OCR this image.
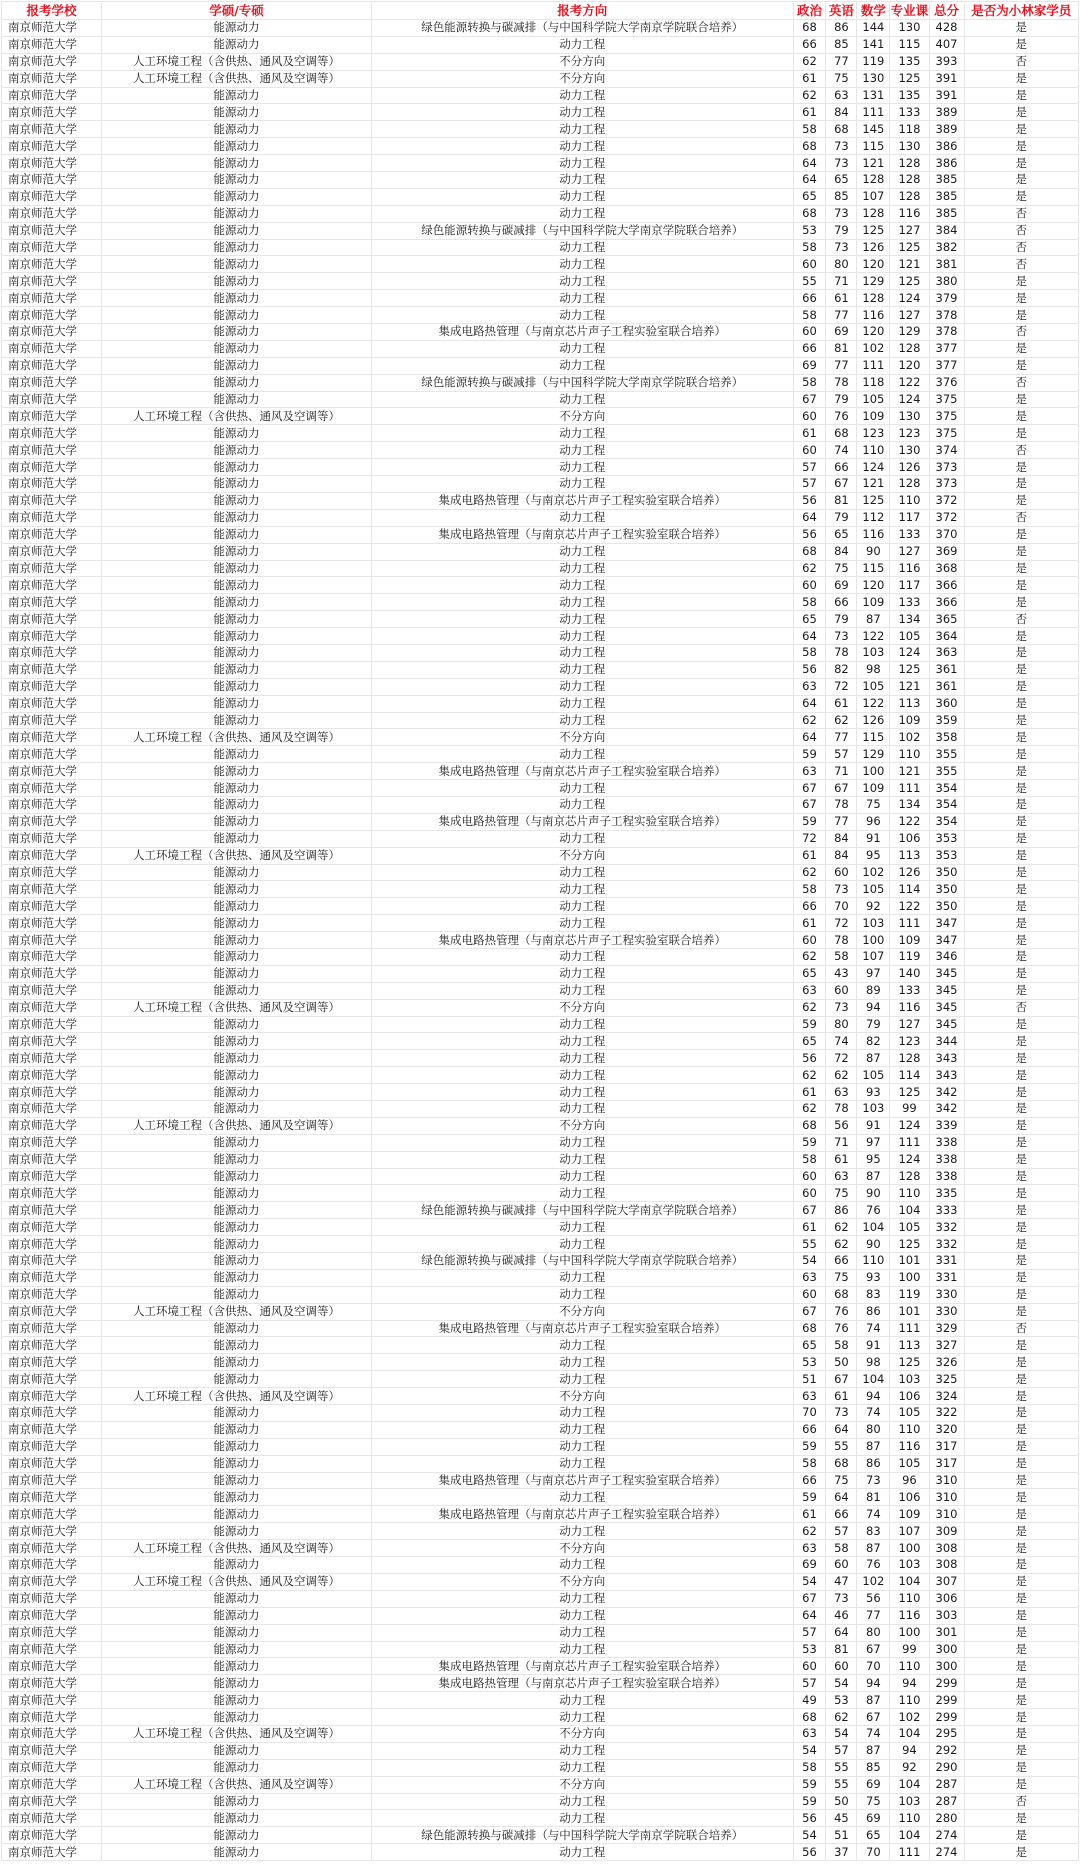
报考学校	学硕/专硕	报考方向	政治	英语	数学	专业课	总分	是否为小林家学员
南京师范大学	能源动力	绿色能源转换与碳减排（与中国科学院大学南京学院联合培养）	68	86	144	130	428	是
南京师范大学	能源动力	动力工程	66	85	141	115	407	是
南京师范大学	人工环境工程（含供热、通风及空调等）	不分方向	62	77	119	135	393	否
南京师范大学	人工环境工程（含供热、通风及空调等）	不分方向	61	75	130	125	391	是
南京师范大学	能源动力	动力工程	62	63	131	135	391	是
南京师范大学	能源动力	动力工程	61	84	111	133	389	是
南京师范大学	能源动力	动力工程	58	68	145	118	389	是
南京师范大学	能源动力	动力工程	68	73	115	130	386	是
南京师范大学	能源动力	动力工程	64	73	121	128	386	是
南京师范大学	能源动力	动力工程	64	65	128	128	385	是
南京师范大学	能源动力	动力工程	65	85	107	128	385	是
南京师范大学	能源动力	动力工程	68	73	128	116	385	否
南京师范大学	能源动力	绿色能源转换与碳减排（与中国科学院大学南京学院联合培养）	53	79	125	127	384	否
南京师范大学	能源动力	动力工程	58	73	126	125	382	否
南京师范大学	能源动力	动力工程	60	80	120	121	381	否
南京师范大学	能源动力	动力工程	55	71	129	125	380	是
南京师范大学	能源动力	动力工程	66	61	128	124	379	是
南京师范大学	能源动力	动力工程	58	77	116	127	378	是
南京师范大学	能源动力	集成电路热管理（与南京芯片声子工程实验室联合培养）	60	69	120	129	378	否
南京师范大学	能源动力	动力工程	66	81	102	128	377	是
南京师范大学	能源动力	动力工程	69	77	111	120	377	是
南京师范大学	能源动力	绿色能源转换与碳减排（与中国科学院大学南京学院联合培养）	58	78	118	122	376	否
南京师范大学	能源动力	动力工程	67	79	105	124	375	是
南京师范大学	人工环境工程（含供热、通风及空调等）	不分方向	60	76	109	130	375	是
南京师范大学	能源动力	动力工程	61	68	123	123	375	是
南京师范大学	能源动力	动力工程	60	74	110	130	374	否
南京师范大学	能源动力	动力工程	57	66	124	126	373	是
南京师范大学	能源动力	动力工程	57	67	121	128	373	是
南京师范大学	能源动力	集成电路热管理（与南京芯片声子工程实验室联合培养）	56	81	125	110	372	是
南京师范大学	能源动力	动力工程	64	79	112	117	372	否
南京师范大学	能源动力	集成电路热管理（与南京芯片声子工程实验室联合培养）	56	65	116	133	370	是
南京师范大学	能源动力	动力工程	68	84	90	127	369	是
南京师范大学	能源动力	动力工程	62	75	115	116	368	是
南京师范大学	能源动力	动力工程	60	69	120	117	366	是
南京师范大学	能源动力	动力工程	58	66	109	133	366	是
南京师范大学	能源动力	动力工程	65	79	87	134	365	否
南京师范大学	能源动力	动力工程	64	73	122	105	364	是
南京师范大学	能源动力	动力工程	58	78	103	124	363	是
南京师范大学	能源动力	动力工程	56	82	98	125	361	是
南京师范大学	能源动力	动力工程	63	72	105	121	361	是
南京师范大学	能源动力	动力工程	64	61	122	113	360	是
南京师范大学	能源动力	动力工程	62	62	126	109	359	是
南京师范大学	人工环境工程（含供热、通风及空调等）	不分方向	64	77	115	102	358	是
南京师范大学	能源动力	动力工程	59	57	129	110	355	是
南京师范大学	能源动力	集成电路热管理（与南京芯片声子工程实验室联合培养）	63	71	100	121	355	是
南京师范大学	能源动力	动力工程	67	67	109	111	354	是
南京师范大学	能源动力	动力工程	67	78	75	134	354	是
南京师范大学	能源动力	集成电路热管理（与南京芯片声子工程实验室联合培养）	59	77	96	122	354	是
南京师范大学	能源动力	动力工程	72	84	91	106	353	是
南京师范大学	人工环境工程（含供热、通风及空调等）	不分方向	61	84	95	113	353	是
南京师范大学	能源动力	动力工程	62	60	102	126	350	是
南京师范大学	能源动力	动力工程	58	73	105	114	350	是
南京师范大学	能源动力	动力工程	66	70	92	122	350	是
南京师范大学	能源动力	动力工程	61	72	103	111	347	是
南京师范大学	能源动力	集成电路热管理（与南京芯片声子工程实验室联合培养）	60	78	100	109	347	是
南京师范大学	能源动力	动力工程	62	58	107	119	346	是
南京师范大学	能源动力	动力工程	65	43	97	140	345	是
南京师范大学	能源动力	动力工程	63	60	89	133	345	是
南京师范大学	人工环境工程（含供热、通风及空调等）	不分方向	62	73	94	116	345	否
南京师范大学	能源动力	动力工程	59	80	79	127	345	是
南京师范大学	能源动力	动力工程	65	74	82	123	344	是
南京师范大学	能源动力	动力工程	56	72	87	128	343	是
南京师范大学	能源动力	动力工程	62	62	105	114	343	是
南京师范大学	能源动力	动力工程	61	63	93	125	342	是
南京师范大学	能源动力	动力工程	62	78	103	99	342	是
南京师范大学	人工环境工程（含供热、通风及空调等）	不分方向	68	56	91	124	339	是
南京师范大学	能源动力	动力工程	59	71	97	111	338	是
南京师范大学	能源动力	动力工程	58	61	95	124	338	是
南京师范大学	能源动力	动力工程	60	63	87	128	338	是
南京师范大学	能源动力	动力工程	60	75	90	110	335	是
南京师范大学	能源动力	绿色能源转换与碳减排（与中国科学院大学南京学院联合培养）	67	86	76	104	333	是
南京师范大学	能源动力	动力工程	61	62	104	105	332	是
南京师范大学	能源动力	动力工程	55	62	90	125	332	是
南京师范大学	能源动力	绿色能源转换与碳减排（与中国科学院大学南京学院联合培养）	54	66	110	101	331	是
南京师范大学	能源动力	动力工程	63	75	93	100	331	是
南京师范大学	能源动力	动力工程	60	68	83	119	330	是
南京师范大学	人工环境工程（含供热、通风及空调等）	不分方向	67	76	86	101	330	是
南京师范大学	能源动力	集成电路热管理（与南京芯片声子工程实验室联合培养）	68	76	74	111	329	否
南京师范大学	能源动力	动力工程	65	58	91	113	327	是
南京师范大学	能源动力	动力工程	53	50	98	125	326	是
南京师范大学	能源动力	动力工程	51	67	104	103	325	是
南京师范大学	人工环境工程（含供热、通风及空调等）	不分方向	63	61	94	106	324	是
南京师范大学	能源动力	动力工程	70	73	74	105	322	是
南京师范大学	能源动力	动力工程	66	64	80	110	320	是
南京师范大学	能源动力	动力工程	59	55	87	116	317	是
南京师范大学	能源动力	动力工程	58	68	86	105	317	是
南京师范大学	能源动力	集成电路热管理（与南京芯片声子工程实验室联合培养）	66	75	73	96	310	是
南京师范大学	能源动力	动力工程	59	64	81	106	310	是
南京师范大学	能源动力	集成电路热管理（与南京芯片声子工程实验室联合培养）	61	66	74	109	310	是
南京师范大学	能源动力	动力工程	62	57	83	107	309	是
南京师范大学	人工环境工程（含供热、通风及空调等）	不分方向	63	58	87	100	308	是
南京师范大学	能源动力	动力工程	69	60	76	103	308	是
南京师范大学	人工环境工程（含供热、通风及空调等）	不分方向	54	47	102	104	307	是
南京师范大学	能源动力	动力工程	67	73	56	110	306	是
南京师范大学	能源动力	动力工程	64	46	77	116	303	是
南京师范大学	能源动力	动力工程	57	64	80	100	301	是
南京师范大学	能源动力	动力工程	53	81	67	99	300	是
南京师范大学	能源动力	集成电路热管理（与南京芯片声子工程实验室联合培养）	60	60	70	110	300	是
南京师范大学	能源动力	集成电路热管理（与南京芯片声子工程实验室联合培养）	57	54	94	94	299	是
南京师范大学	能源动力	动力工程	49	53	87	110	299	是
南京师范大学	能源动力	动力工程	68	62	67	102	299	是
南京师范大学	人工环境工程（含供热、通风及空调等）	不分方向	63	54	74	104	295	是
南京师范大学	能源动力	动力工程	54	57	87	94	292	是
南京师范大学	能源动力	动力工程	58	55	85	92	290	是
南京师范大学	人工环境工程（含供热、通风及空调等）	不分方向	59	55	69	104	287	是
南京师范大学	能源动力	动力工程	59	50	75	103	287	否
南京师范大学	能源动力	动力工程	56	45	69	110	280	是
南京师范大学	能源动力	绿色能源转换与碳减排（与中国科学院大学南京学院联合培养）	54	51	65	104	274	是
南京师范大学	能源动力	动力工程	56	37	70	111	274	是
